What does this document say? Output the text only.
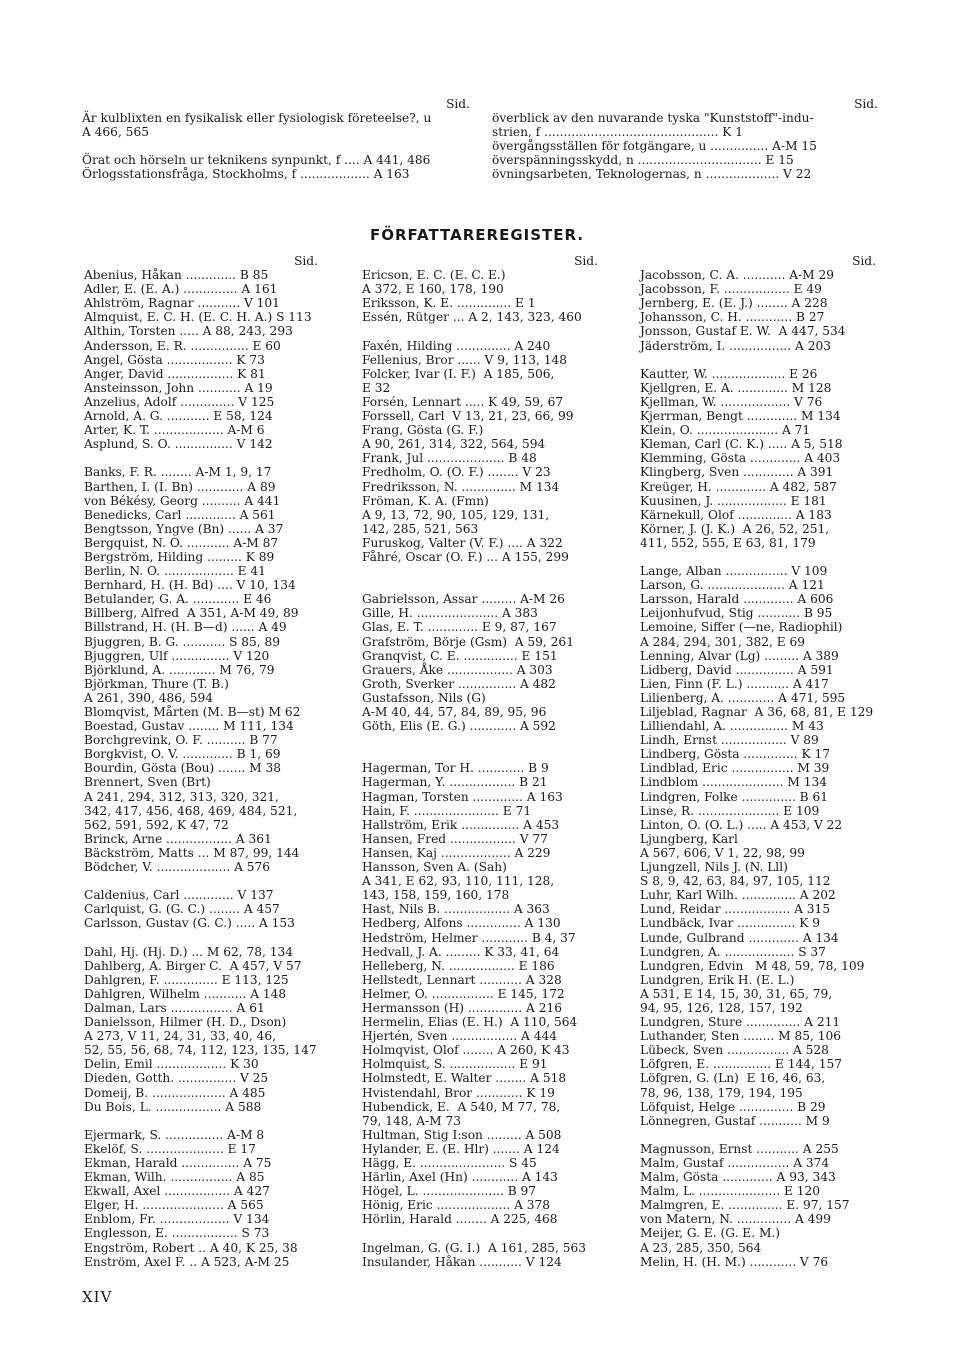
Sid.
Är kulblixten en fysikalisk eller fysiologisk företeelse?, u
A 466, 565
Örat och hörseln ur teknikens synpunkt, f .... A 441, 486
Örlogsstationsfråga, Stockholms, f .................. A 163
Sid.
överblick av den nuvarande tyska "Kunststoff"-indu-
strien, f ............................................. K 1
övergångsställen för fotgängare, u ............... A-M 15
överspänningsskydd, n ................................ E 15
övningsarbeten, Teknologernas, n ................... V 22
FÖRFATTAREREGISTER.
Sid.
Abenius, Håkan ............. B 85
Adler, E. (E. A.) .............. A 161
Ahlström, Ragnar ........... V 101
Almquist, E. C. H. (E. C. H. A.) S 113
Althin, Torsten ..... A 88, 243, 293
Andersson, E. R. ............... E 60
Angel, Gösta ................. K 73
Anger, David ................. K 81
Ansteinsson, John ........... A 19
Anzelius, Adolf .............. V 125
Arnold, A. G. ........... E 58, 124
Arter, K. T. .................. A-M 6
Asplund, S. O. ............... V 142
Banks, F. R. ........ A-M 1, 9, 17
Barthen, I. (I. Bn) ............ A 89
von Békésy, Georg .......... A 441
Benedicks, Carl ............. A 561
Bengtsson, Yngve (Bn) ...... A 37
Bergquist, N. O. ........... A-M 87
Bergström, Hilding ......... K 89
Berlin, N. O. .................. E 41
Bernhard, H. (H. Bd) .... V 10, 134
Betulander, G. A. ............ E 46
Billberg, Alfred  A 351, A-M 49, 89
Billstrand, H. (H. B—d) ...... A 49
Bjuggren, B. G. ........... S 85, 89
Bjuggren, Ulf ............... V 120
Björklund, A. ............ M 76, 79
Björkman, Thure (T. B.)
A 261, 390, 486, 594
Blomqvist, Mårten (M. B—st) M 62
Boestad, Gustav ........ M 111, 134
Borchgrevink, O. F. .......... B 77
Borgkvist, O. V. ............. B 1, 69
Bourdin, Gösta (Bou) ....... M 38
Brennert, Sven (Brt)
A 241, 294, 312, 313, 320, 321,
342, 417, 456, 468, 469, 484, 521,
562, 591, 592, K 47, 72
Brinck, Arne ................. A 361
Bäckström, Matts ... M 87, 99, 144
Bödcher, V. ................... A 576
Caldenius, Carl ............. V 137
Carlquist, G. (G. C.) ........ A 457
Carlsson, Gustav (G. C.) ..... A 153
Dahl, Hj. (Hj. D.) ... M 62, 78, 134
Dahlberg, A. Birger C.  A 457, V 57
Dahlgren, F. .............. E 113, 125
Dahlgren, Wilhelm ........... A 148
Dalman, Lars ................ A 61
Danielsson, Hilmer (H. D., Dson)
A 273, V 11, 24, 31, 33, 40, 46,
52, 55, 56, 68, 74, 112, 123, 135, 147
Delin, Emil .................. K 30
Dieden, Gotth. ............... V 25
Domeij, B. ................... A 485
Du Bois, L. ................. A 588
Ejermark, S. ............... A-M 8
Ekelöf, S. .................... E 17
Ekman, Harald ............... A 75
Ekman, Wilh. ................ A 85
Ekwall, Axel ................. A 427
Elger, H. ..................... A 565
Enblom, Fr. .................. V 134
Englesson, E. ................. S 73
Engström, Robert .. A 40, K 25, 38
Enström, Axel F. .. A 523, A-M 25
Sid.
Ericson, E. C. (E. C. E.)
A 372, E 160, 178, 190
Eriksson, K. E. .............. E 1
Essén, Rütger ... A 2, 143, 323, 460
Faxén, Hilding .............. A 240
Fellenius, Bror ...... V 9, 113, 148
Folcker, Ivar (I. F.)  A 185, 506,
E 32
Forsén, Lennart ..... K 49, 59, 67
Forssell, Carl  V 13, 21, 23, 66, 99
Frang, Gösta (G. F.)
A 90, 261, 314, 322, 564, 594
Frank, Jul .................... B 48
Fredholm, O. (O. F.) ........ V 23
Fredriksson, N. .............. M 134
Fröman, K. A. (Fmn)
A 9, 13, 72, 90, 105, 129, 131,
142, 285, 521, 563
Furuskog, Valter (V. F.) .... A 322
Fåhré, Oscar (O. F.) ... A 155, 299
Gabrielsson, Assar ......... A-M 26
Gille, H. ..................... A 383
Glas, E. T. ............. E 9, 87, 167
Grafström, Börje (Gsm)  A 59, 261
Granqvist, C. E. .............. E 151
Grauers, Åke ................. A 303
Groth, Sverker ............... A 482
Gustafsson, Nils (G)
A-M 40, 44, 57, 84, 89, 95, 96
Göth, Elis (E. G.) ............ A 592
Hagerman, Tor H. ............ B 9
Hagerman, Y. ................. B 21
Hagman, Torsten ............. A 163
Hain, F. ...................... E 71
Hallström, Erik ............... A 453
Hansen, Fred ................. V 77
Hansen, Kaj .................. A 229
Hansson, Sven A. (Sah)
A 341, E 62, 93, 110, 111, 128,
143, 158, 159, 160, 178
Hast, Nils B. ................. A 363
Hedberg, Alfons .............. A 130
Hedström, Helmer ............ B 4, 37
Hedvall, J. A. ......... K 33, 41, 64
Helleberg, N. ................. E 186
Hellstedt, Lennart ........... A 328
Helmer, O. ................ E 145, 172
Hermansson (H) .............. A 216
Hermelin, Elias (E. H.)  A 110, 564
Hjertén, Sven ................. A 444
Holmqvist, Olof ........ A 260, K 43
Holmquist, S. ................. E 91
Holmstedt, E. Walter ........ A 518
Hvistendahl, Bror ............ K 19
Hubendick, E.  A 540, M 77, 78,
79, 148, A-M 73
Hultman, Stig I:son ......... A 508
Hylander, E. (E. Hlr) ....... A 124
Hägg, E. ...................... S 45
Härlin, Axel (Hn) ............ A 143
Högel, L. ..................... B 97
Hönig, Eric ................... A 378
Hörlin, Harald ........ A 225, 468
Ingelman, G. (G. I.)  A 161, 285, 563
Insulander, Håkan ........... V 124
Sid.
Jacobsson, C. A. ........... A-M 29
Jacobsson, F. ................. E 49
Jernberg, E. (E. J.) ........ A 228
Johansson, C. H. ............ B 27
Jonsson, Gustaf E. W.  A 447, 534
Jäderström, I. ................ A 203
Kautter, W. ................... E 26
Kjellgren, E. A. ............. M 128
Kjellman, W. .................. V 76
Kjerrman, Bengt ............. M 134
Klein, O. ..................... A 71
Kleman, Carl (C. K.) ..... A 5, 518
Klemming, Gösta ............. A 403
Klingberg, Sven ............. A 391
Kreüger, H. ............. A 482, 587
Kuusinen, J. .................. E 181
Kärnekull, Olof .............. A 183
Körner, J. (J. K.)  A 26, 52, 251,
411, 552, 555, E 63, 81, 179
Lange, Alban ................ V 109
Larson, G. .................... A 121
Larsson, Harald ............. A 606
Leijonhufvud, Stig ........... B 95
Lemoine, Siffer (—ne, Radiophil)
A 284, 294, 301, 382, E 69
Lenning, Alvar (Lg) ......... A 389
Lidberg, David ............... A 591
Lien, Finn (F. L.) ........... A 417
Lilienberg, A. ............ A 471, 595
Liljeblad, Ragnar  A 36, 68, 81, E 129
Lilliendahl, A. ............... M 43
Lindh, Ernst ................. V 89
Lindberg, Gösta .............. K 17
Lindblad, Eric ................ M 39
Lindblom ..................... M 134
Lindgren, Folke .............. B 61
Linse, R. ..................... E 109
Linton, O. (O. L.) ..... A 453, V 22
Ljungberg, Karl
A 567, 606, V 1, 22, 98, 99
Ljungzell, Nils J. (N. Lll)
S 8, 9, 42, 63, 84, 97, 105, 112
Luhr, Karl Wilh. .............. A 202
Lund, Reidar ................. A 315
Lundbäck, Ivar ............... K 9
Lunde, Gulbrand ............. A 134
Lundgren, A. .................. S 37
Lundgren, Edvin   M 48, 59, 78, 109
Lundgren, Erik H. (E. L.)
A 531, E 14, 15, 30, 31, 65, 79,
94, 95, 126, 128, 157, 192
Lundgren, Sture .............. A 211
Luthander, Sten ........ M 85, 106
Lübeck, Sven ................ A 528
Löfgren, E. ............... E 144, 157
Löfgren, G. (Ln)  E 16, 46, 63,
78, 96, 138, 179, 194, 195
Löfquist, Helge .............. B 29
Lönnegren, Gustaf ........... M 9
Magnusson, Ernst ........... A 255
Malm, Gustaf ................ A 374
Malm, Gösta ............. A 93, 343
Malm, L. ..................... E 120
Malmgren, E. .............. E. 97, 157
von Matern, N. .............. A 499
Meijer, G. E. (G. E. M.)
A 23, 285, 350, 564
Melin, H. (H. M.) ............ V 76
XIV
